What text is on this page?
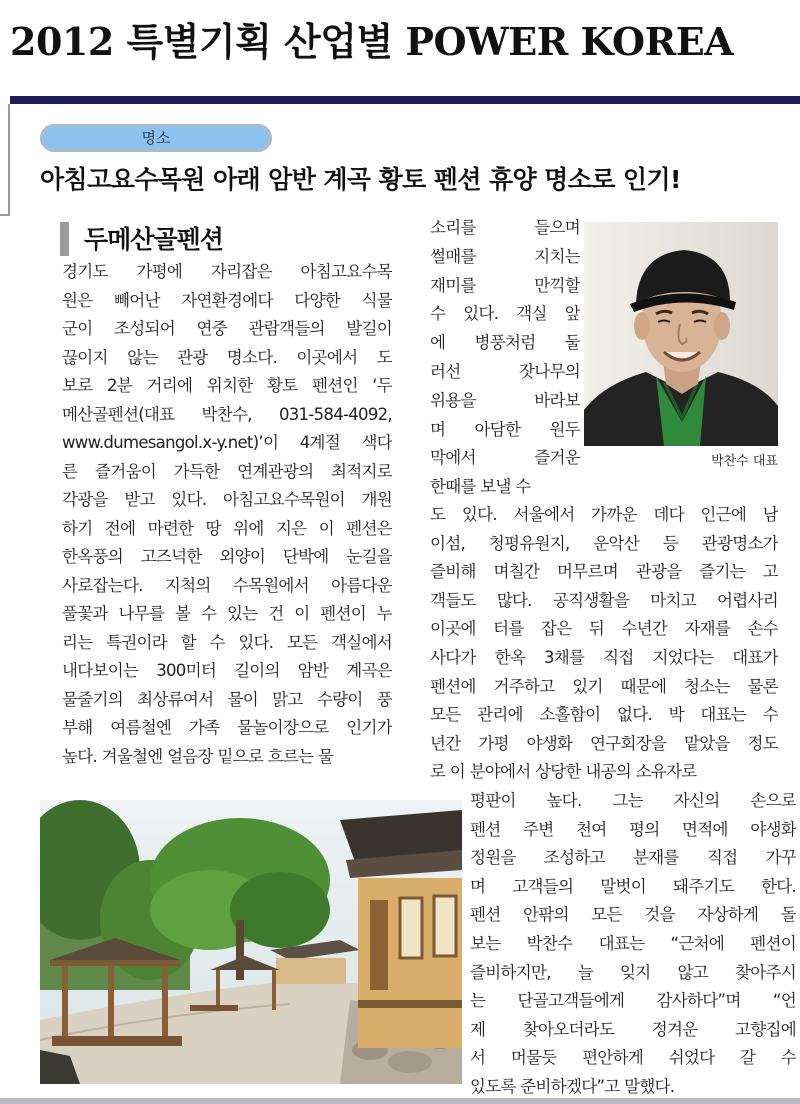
2012 특별기획 산업별 POWER KOREA
명소
아침고요수목원 아래 암반 계곡 황토 펜션 휴양 명소로 인기!
두메산골펜션
경기도 가평에 자리잡은 아침고요수목
원은 빼어난 자연환경에다 다양한 식물
군이 조성되어 연중 관람객들의 발길이
끊이지 않는 관광 명소다. 이곳에서 도
보로 2분 거리에 위치한 황토 펜션인 ‘두
메산골펜션(대표 박찬수, 031-584-4092,
www.dumesangol.x-y.net)’이 4계절 색다
른 즐거움이 가득한 연계관광의 최적지로
각광을 받고 있다. 아침고요수목원이 개원
하기 전에 마련한 땅 위에 지은 이 펜션은
한옥풍의 고즈넉한 외양이 단박에 눈길을
사로잡는다. 지척의 수목원에서 아름다운
풀꽃과 나무를 볼 수 있는 건 이 펜션이 누
리는 특권이라 할 수 있다. 모든 객실에서
내다보이는 300미터 길이의 암반 계곡은
물줄기의 최상류여서 물이 맑고 수량이 풍
부해 여름철엔 가족 물놀이장으로 인기가
높다. 겨울철엔 얼음장 밑으로 흐르는 물
소리를 들으며
썰매를 지치는
재미를 만끽할
수 있다. 객실 앞
에 병풍처럼 둘
러선 잣나무의
위용을 바라보
며 아담한 원두
막에서 즐거운
한때를 보낼 수
도 있다. 서울에서 가까운 데다 인근에 남
이섬, 청평유원지, 운악산 등 관광명소가
즐비해 며칠간 머무르며 관광을 즐기는 고
객들도 많다. 공직생활을 마치고 어렵사리
이곳에 터를 잡은 뒤 수년간 자재를 손수
사다가 한옥 3채를 직접 지었다는 대표가
펜션에 거주하고 있기 때문에 청소는 물론
모든 관리에 소홀함이 없다. 박 대표는 수
년간 가평 야생화 연구회장을 맡았을 정도
로 이 분야에서 상당한 내공의 소유자로
평판이 높다. 그는 자신의 손으로
펜션 주변 천여 평의 면적에 야생화
정원을 조성하고 분재를 직접 가꾸
며 고객들의 말벗이 돼주기도 한다.
펜션 안팎의 모든 것을 자상하게 돌
보는 박찬수 대표는 “근처에 펜션이
즐비하지만, 늘 잊지 않고 찾아주시
는 단골고객들에게 감사하다”며 “언
제 찾아오더라도 정겨운 고향집에
서 머물듯 편안하게 쉬었다 갈 수
있도록 준비하겠다”고 말했다.
박찬수 대표
